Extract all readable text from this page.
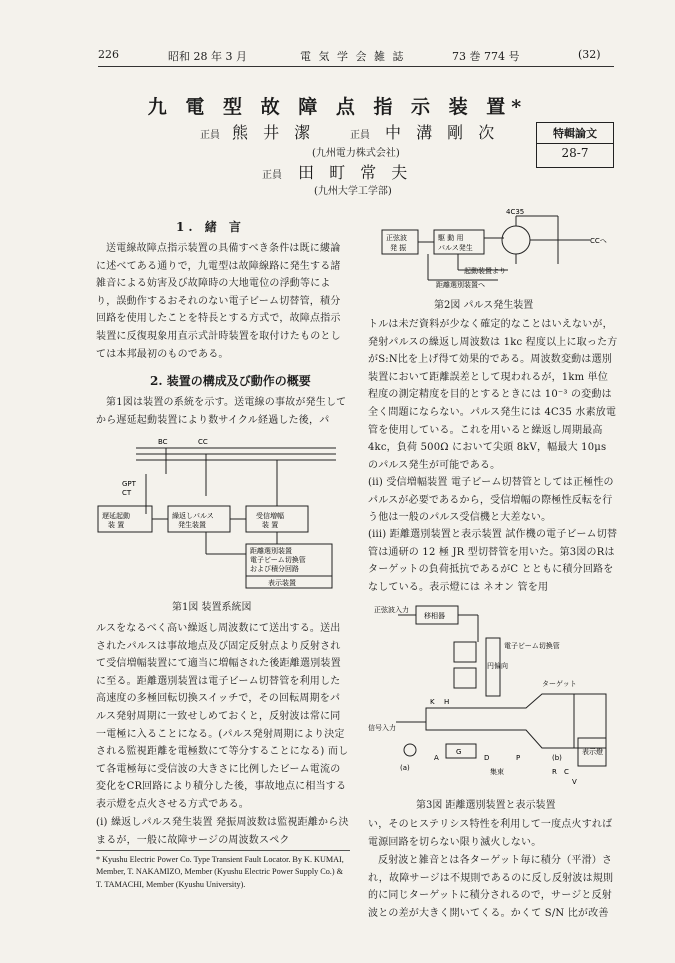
226	昭和 28 年 3 月	電 気 学 会 雑 誌	73 巻 774 号	(32)
九 電 型 故 障 点 指 示 装 置*
正員 熊 井 潔	正員 中 溝 剛 次
(九州電力株式会社)
正員 田 町 常 夫
(九州大学工学部)
特輯論文
28-7
1. 緒 言
送電線故障点指示装置の具備すべき条件は既に縷論に述べてある通りで，九電型は故障線路に発生する諸雑音による妨害及び故障時の大地電位の浮動等により，誤動作するおそれのない電子ビーム切替管，積分回路を使用したことを特長とする方式で，故障点指示装置に反復現象用直示式計時装置を取付けたものとしては本邦最初のものである。
2. 装置の構成及び動作の概要
第1図は装置の系統を示す。送電線の事故が発生してから遅延起動装置により数サイクル経過した後，パ
BC	CC
GPT
CT
遅延起動
装 置
繰返しパルス
発生装置
受信増幅
装 置
距離選別装置
電子ビーム切換管
および積分回路
表示装置
第1図 装置系統図
ルスをなるべく高い繰返し周波数にて送出する。送出されたパルスは事故地点及び固定反射点より反射されて受信増幅装置にて適当に増幅された後距離選別装置に至る。距離選別装置は電子ビーム切替管を利用した高速度の多極回転切換スイッチで，その回転周期をパルス発射周期に一致せしめておくと，反射波は常に同一電極に入ることになる。(パルス発射周期により決定される監視距離を電極数にて等分することになる) 而して各電極毎に受信波の大きさに比例したビーム電流の変化をCR回路により積分した後，事故地点に相当する表示燈を点火させる方式である。
(i) 繰返しパルス発生装置 発振周波数は監視距離から決まるが，一般に故障サージの周波数スペク
* Kyushu Electric Power Co. Type Transient Fault Locator. By K. KUMAI, Member, T. NAKAMIZO, Member (Kyushu Electric Power Supply Co.) & T. TAMACHI, Member (Kyushu University).
4C35
正弦波
発 振
駆 動 用
パルス発生
CCへ
起動装置より
距離選別装置へ
第2図 パルス発生装置
トルは未だ資料が少なく確定的なことはいえないが，発射パルスの繰返し周波数は 1kc 程度以上に取った方がS:N比を上げ得て効果的である。周波数変動は選別装置において距離誤差として現われるが，1km 単位程度の測定精度を目的とするときには 10⁻³ の変動は全く問題にならない。パルス発生には 4C35 水素放電管を使用している。これを用いると繰返し周期最高 4kc，負荷 500Ω において尖頭 8kV，幅最大 10μs のパルス発生が可能である。
(ii) 受信増幅装置 電子ビーム切替管としては正極性のパルスが必要であるから，受信増幅の際極性反転を行う他は一般のパルス受信機と大差ない。
(iii) 距離選別装置と表示装置 試作機の電子ビーム切替管は通研の 12 極 JR 型切替管を用いた。第3図のRはターゲットの負荷抵抗であるがC とともに積分回路をなしている。表示燈には ネオン 管を用
正弦波入力
移相器
電子ビーム切換管
ターゲット
信号入力
表示燈
円偏向
K H
(a)
(b)
A
G
D	P
R C
V
集束
第3図 距離選別装置と表示装置
い，そのヒステリシス特性を利用して一度点火すれば電源回路を切らない限り滅火しない。
反射波と雑音とは各ターゲット毎に積分（平滑）され，故障サージは不規則であるのに反し反射波は規則的に同じターゲットに積分されるので，サージと反射波との差が大きく開いてくる。かくて S/N 比が改善
